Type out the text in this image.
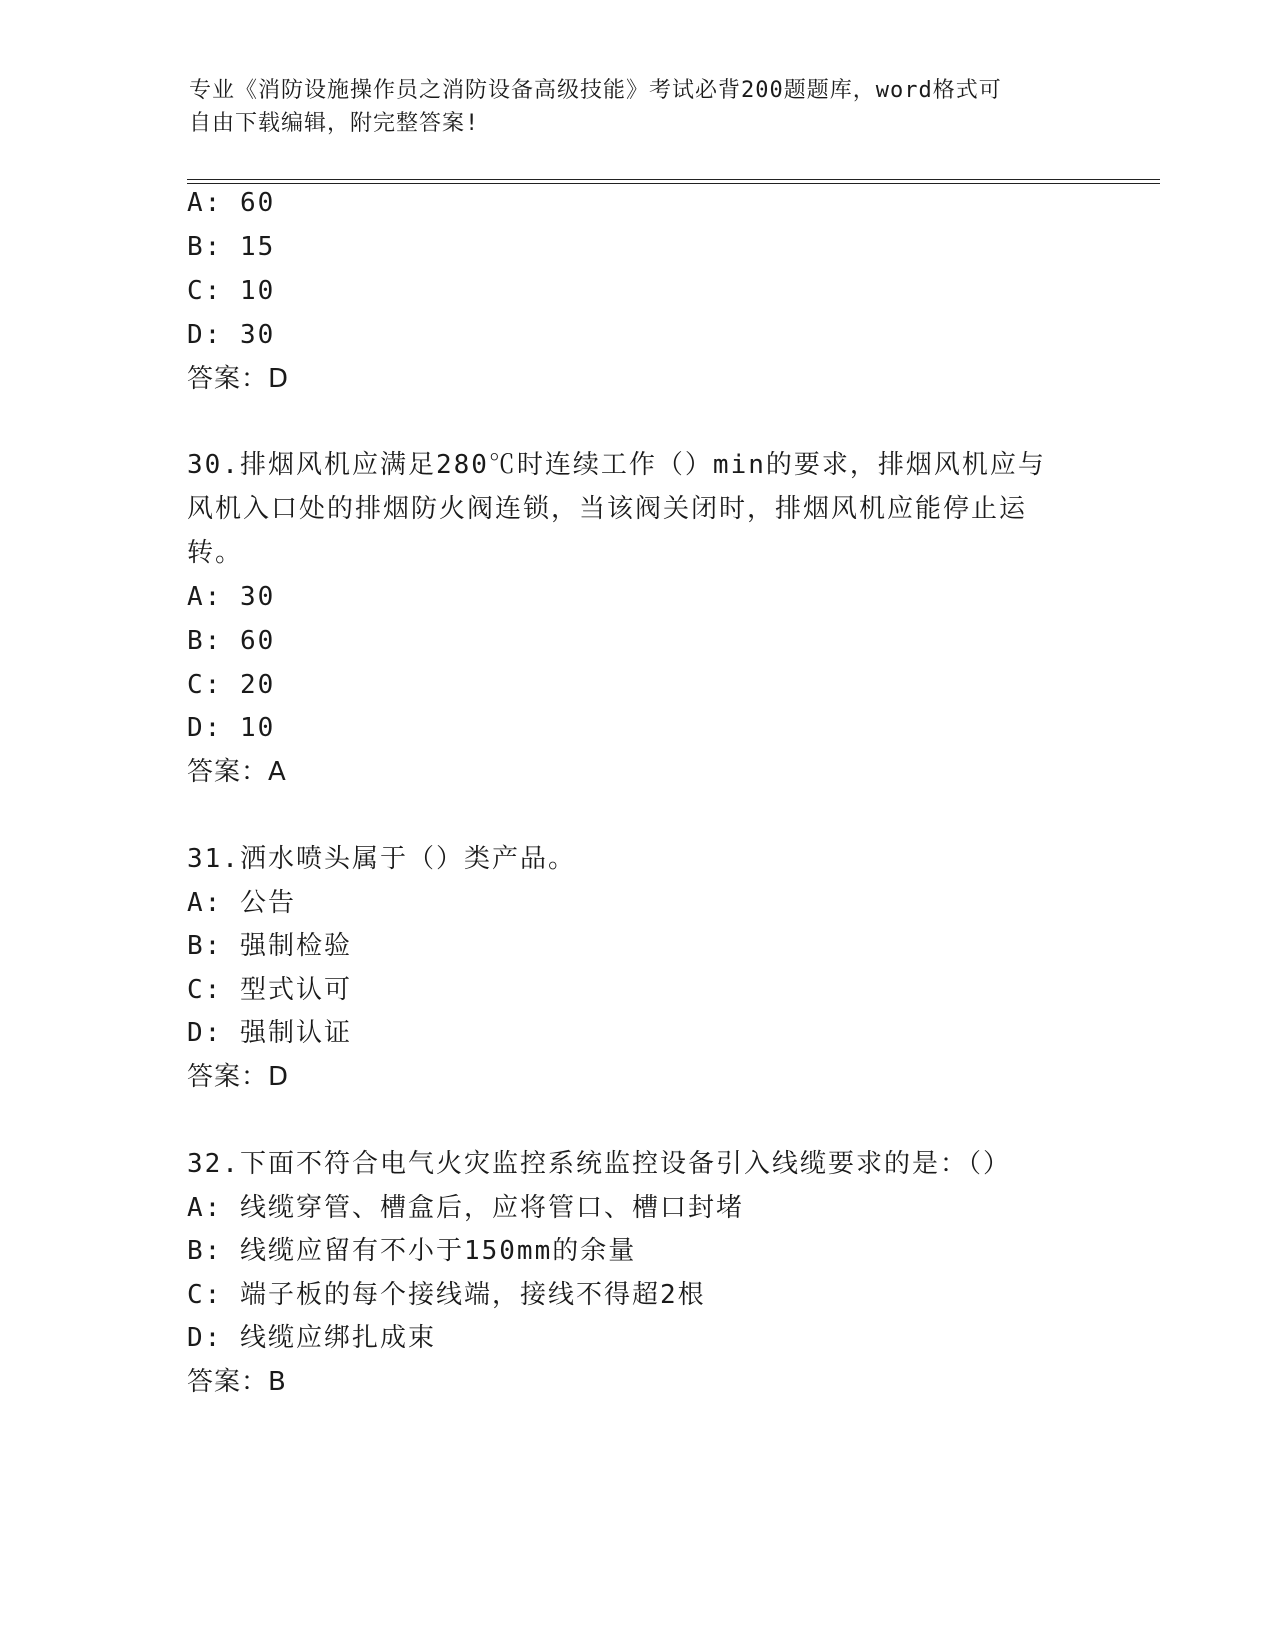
专业《消防设施操作员之消防设备高级技能》考试必背200题题库，word格式可
自由下载编辑，附完整答案!
A: 60
B: 15
C: 10
D: 30
答案：D
30.排烟风机应满足280℃时连续工作（）min的要求，排烟风机应与
风机入口处的排烟防火阀连锁，当该阀关闭时，排烟风机应能停止运
转。
A: 30
B: 60
C: 20
D: 10
答案：A
31.洒水喷头属于（）类产品。
A: 公告
B: 强制检验
C: 型式认可
D: 强制认证
答案：D
32.下面不符合电气火灾监控系统监控设备引入线缆要求的是：（）
A: 线缆穿管、槽盒后，应将管口、槽口封堵
B: 线缆应留有不小于150mm的余量
C: 端子板的每个接线端，接线不得超2根
D: 线缆应绑扎成束
答案：B
